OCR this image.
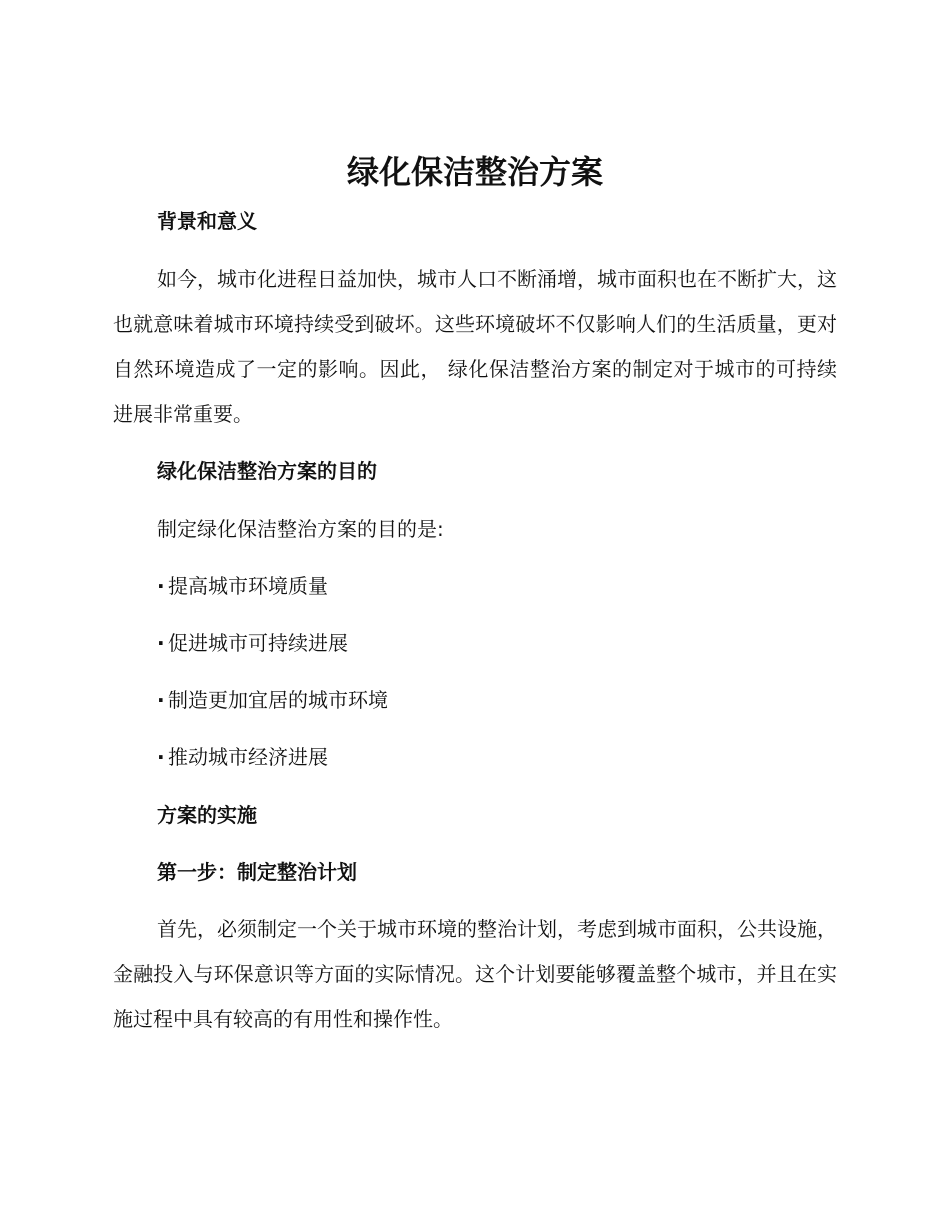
绿化保洁整治方案
背景和意义

如今，城市化进程日益加快，城市人口不断涌增，城市面积也在不断扩大，这也就意味着城市环境持续受到破坏。这些环境破坏不仅影响人们的生活质量，更对自然环境造成了一定的影响。因此， 绿化保洁整治方案的制定对于城市的可持续进展非常重要。

绿化保洁整治方案的目的

制定绿化保洁整治方案的目的是:

· 提高城市环境质量
· 促进城市可持续进展
· 制造更加宜居的城市环境
· 推动城市经济进展
方案的实施
第一步：制定整治计划

首先，必须制定一个关于城市环境的整治计划，考虑到城市面积，公共设施，金融投入与环保意识等方面的实际情况。这个计划要能够覆盖整个城市，并且在实施过程中具有较高的有用性和操作性。
